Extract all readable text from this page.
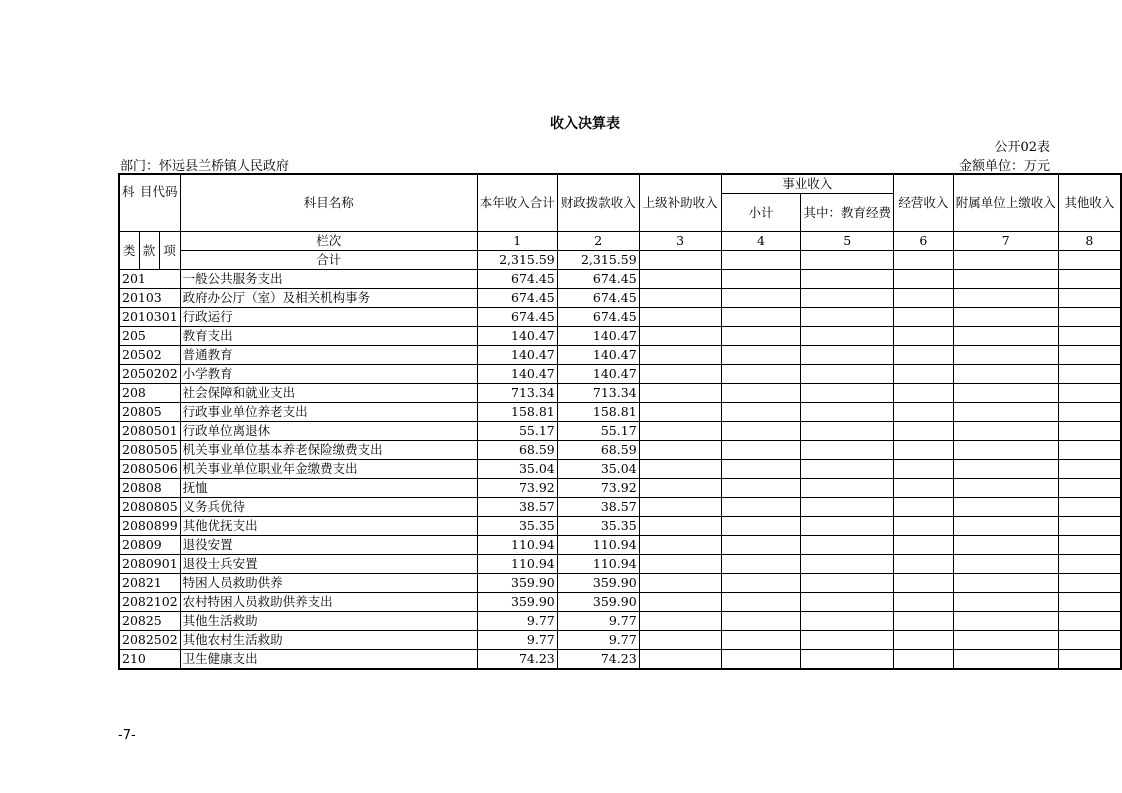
收入决算表
公开02表
部门：怀远县兰桥镇人民政府	金额单位：万元
科 目代码			科目名称	本年收入合计	财政拨款收入	上级补助收入	事业收入		经营收入	附属单位上缴收入	其他收入
							小计	其中：教育经费			

类	款	项	栏次	1	2	3	4	5	6	7	8
			合计	2,315.59	2,315.59						
201			一般公共服务支出	674.45	674.45						
20103			政府办公厅（室）及相关机构事务	674.45	674.45						
2010301			行政运行	674.45	674.45						
205			教育支出	140.47	140.47						
20502			普通教育	140.47	140.47						
2050202			小学教育	140.47	140.47						
208			社会保障和就业支出	713.34	713.34						
20805			行政事业单位养老支出	158.81	158.81						
2080501			行政单位离退休	55.17	55.17						
2080505			机关事业单位基本养老保险缴费支出	68.59	68.59						
2080506			机关事业单位职业年金缴费支出	35.04	35.04						
20808			抚恤	73.92	73.92						
2080805			义务兵优待	38.57	38.57						
2080899			其他优抚支出	35.35	35.35						
20809			退役安置	110.94	110.94						
2080901			退役士兵安置	110.94	110.94						
20821			特困人员救助供养	359.90	359.90						
2082102			农村特困人员救助供养支出	359.90	359.90						
20825			其他生活救助	9.77	9.77						
2082502			其他农村生活救助	9.77	9.77						
210			卫生健康支出	74.23	74.23						
-7-
